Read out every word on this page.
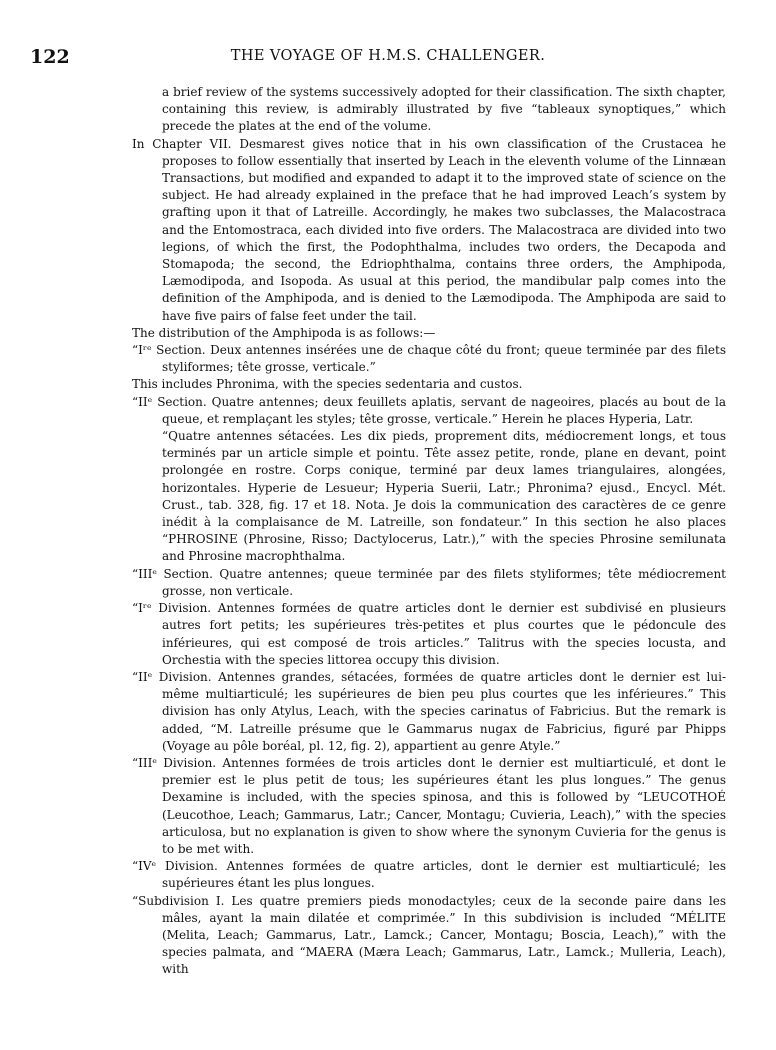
122	THE VOYAGE OF H.M.S. CHALLENGER.

a brief review of the systems successively adopted for their classification. The sixth chapter, containing this review, is admirably illustrated by five “tableaux synoptiques,” which precede the plates at the end of the volume.

In Chapter VII. Desmarest gives notice that in his own classification of the Crustacea he proposes to follow essentially that inserted by Leach in the eleventh volume of the Linnæan Transactions, but modified and expanded to adapt it to the improved state of science on the subject. He had already explained in the preface that he had improved Leach’s system by grafting upon it that of Latreille. Accordingly, he makes two subclasses, the Malacostraca and the Entomostraca, each divided into five orders. The Malacostraca are divided into two legions, of which the first, the Podophthalma, includes two orders, the Decapoda and Stomapoda; the second, the Edriophthalma, contains three orders, the Amphipoda, Læmodipoda, and Isopoda. As usual at this period, the mandibular palp comes into the definition of the Amphipoda, and is denied to the Læmodipoda. The Amphipoda are said to have five pairs of false feet under the tail.

The distribution of the Amphipoda is as follows:—

“Iʳᵉ Section. Deux antennes insérées une de chaque côté du front; queue terminée par des filets styliformes; tête grosse, verticale.”

This includes Phronima, with the species sedentaria and custos.

“IIᵉ Section. Quatre antennes; deux feuillets aplatis, servant de nageoires, placés au bout de la queue, et remplaçant les styles; tête grosse, verticale.” Herein he places Hyperia, Latr.

“Quatre antennes sétacées. Les dix pieds, proprement dits, médiocrement longs, et tous terminés par un article simple et pointu. Tête assez petite, ronde, plane en devant, point prolongée en rostre. Corps conique, terminé par deux lames triangulaires, alongées, horizontales. Hyperie de Lesueur; Hyperia Suerii, Latr.; Phronima? ejusd., Encycl. Mét. Crust., tab. 328, fig. 17 et 18. Nota. Je dois la communication des caractères de ce genre inédit à la complaisance de M. Latreille, son fondateur.” In this section he also places “PHROSINE (Phrosine, Risso; Dactylocerus, Latr.),” with the species Phrosine semilunata and Phrosine macrophthalma.

“IIIᵉ Section. Quatre antennes; queue terminée par des filets styliformes; tête médiocrement grosse, non verticale.

“Iʳᵉ Division. Antennes formées de quatre articles dont le dernier est subdivisé en plusieurs autres fort petits; les supérieures très-petites et plus courtes que le pédoncule des inférieures, qui est composé de trois articles.” Talitrus with the species locusta, and Orchestia with the species littorea occupy this division.

“IIᵉ Division. Antennes grandes, sétacées, formées de quatre articles dont le dernier est lui-même multiarticulé; les supérieures de bien peu plus courtes que les inférieures.” This division has only Atylus, Leach, with the species carinatus of Fabricius. But the remark is added, “M. Latreille présume que le Gammarus nugax de Fabricius, figuré par Phipps (Voyage au pôle boréal, pl. 12, fig. 2), appartient au genre Atyle.”

“IIIᵉ Division. Antennes formées de trois articles dont le dernier est multiarticulé, et dont le premier est le plus petit de tous; les supérieures étant les plus longues.” The genus Dexamine is included, with the species spinosa, and this is followed by “LEUCOTHOÉ (Leucothoe, Leach; Gammarus, Latr.; Cancer, Montagu; Cuvieria, Leach),” with the species articulosa, but no explanation is given to show where the synonym Cuvieria for the genus is to be met with.

“IVᵉ Division. Antennes formées de quatre articles, dont le dernier est multiarticulé; les supérieures étant les plus longues.

“Subdivision I. Les quatre premiers pieds monodactyles; ceux de la seconde paire dans les mâles, ayant la main dilatée et comprimée.” In this subdivision is included “MÉLITE (Melita, Leach; Gammarus, Latr., Lamck.; Cancer, Montagu; Boscia, Leach),” with the species palmata, and “MAERA (Mæra Leach; Gammarus, Latr., Lamck.; Mulleria, Leach), with
